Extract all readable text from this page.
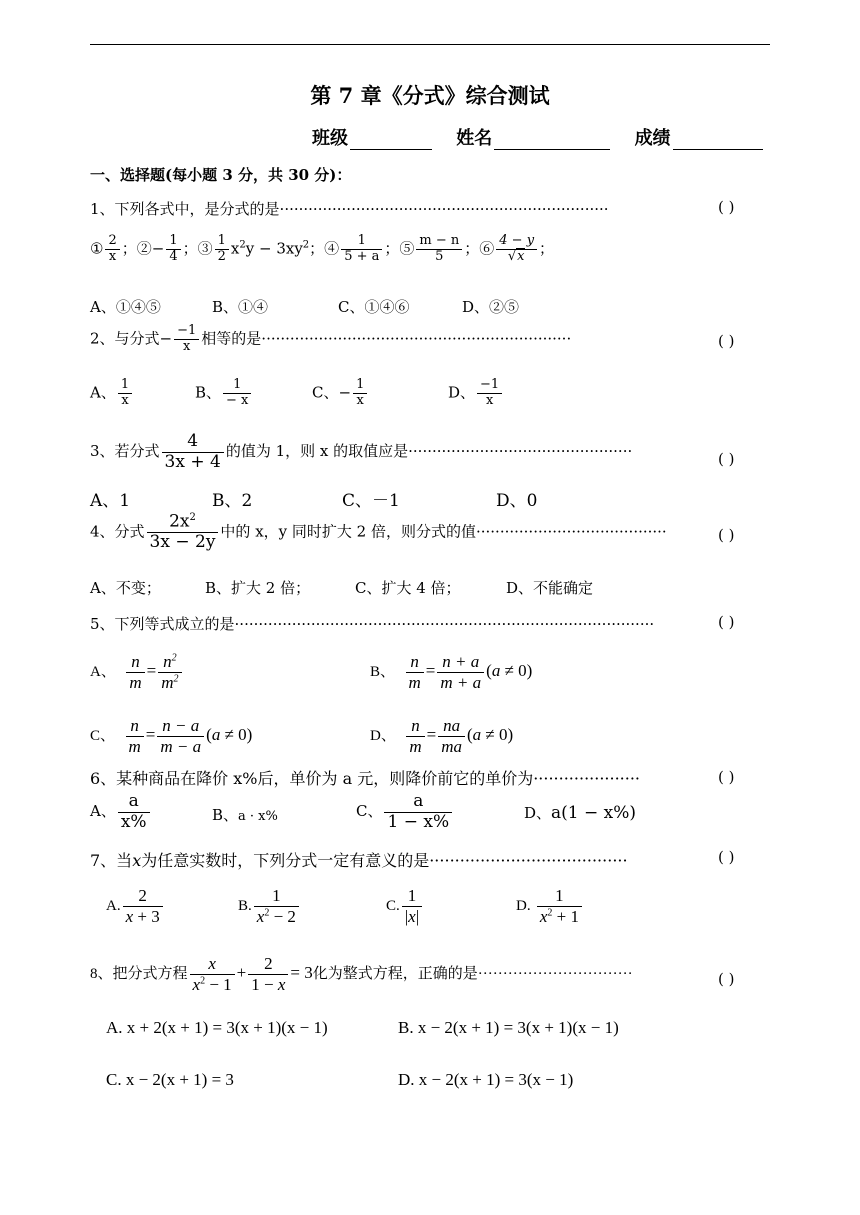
第 7 章《分式》综合测试
班级	姓名	成绩
一、选择题(每小题 3 分，共 30 分)：
1、下列各式中，是分式的是·····································································	( )
① $\frac{2}{x}$ ；②− $\frac{1}{4}$ ；③ $\frac{1}{2} x^2y - 3xy^2$；④ $\frac{1}{5 + a}$ ；⑤ $\frac{m - n}{5}$ ；⑥ $\frac{4 - y}{√x}$ ；
A、①④⑤	B、①④	C、①④⑥	D、②⑤
2、与分式− $\frac{-1}{x}$ 相等的是·································································	( )
A、 $\frac{1}{x}$	B、 $\frac{1}{- x}$	C、− $\frac{1}{x}$	D、 $\frac{-1}{x}$
3、若分式 $\frac{4}{3x + 4}$ 的值为 1，则 x 的取值应是···············································	( )
A、1	B、2	C、－1	D、0
4、分式 $\frac{2x^2}{3x - 2y}$ 中的 x，y 同时扩大 2 倍，则分式的值········································	( )
A、不变；	B、扩大 2 倍；	C、扩大 4 倍；	D、不能确定
5、下列等式成立的是························································································	( )
A、 $\frac{n}{m} = \frac{n^2}{m^2}$	B、 $\frac{n}{m} = \frac{n + a}{m + a} (a \ne 0)$
C、 $\frac{n}{m} = \frac{n - a}{m - a} (a \ne 0)$	D、 $\frac{n}{m} = \frac{na}{ma} (a \ne 0)$
6、某种商品在降价 x%后，单价为 a 元，则降价前它的单价为·····················	( )
A、 $\frac{a}{x\%}$	B、a · x%	C、 $\frac{a}{1 - x\%}$	D、a(1 − x%)
7、当x为任意实数时，下列分式一定有意义的是·······································	( )
A. $\frac{2}{x + 3}$	B. $\frac{1}{x^2 - 2}$	C. $\frac{1}{|x|}$	D. $\frac{1}{x^2 + 1}$
8、把分式方程 $\frac{x}{x^2 - 1} + \frac{2}{1 - x} = 3$化为整式方程，正确的是·······························	( )
A. x + 2(x + 1) = 3(x + 1)(x − 1)	B. x − 2(x + 1) = 3(x + 1)(x − 1)
C. x − 2(x + 1) = 3	D. x − 2(x + 1) = 3(x − 1)
